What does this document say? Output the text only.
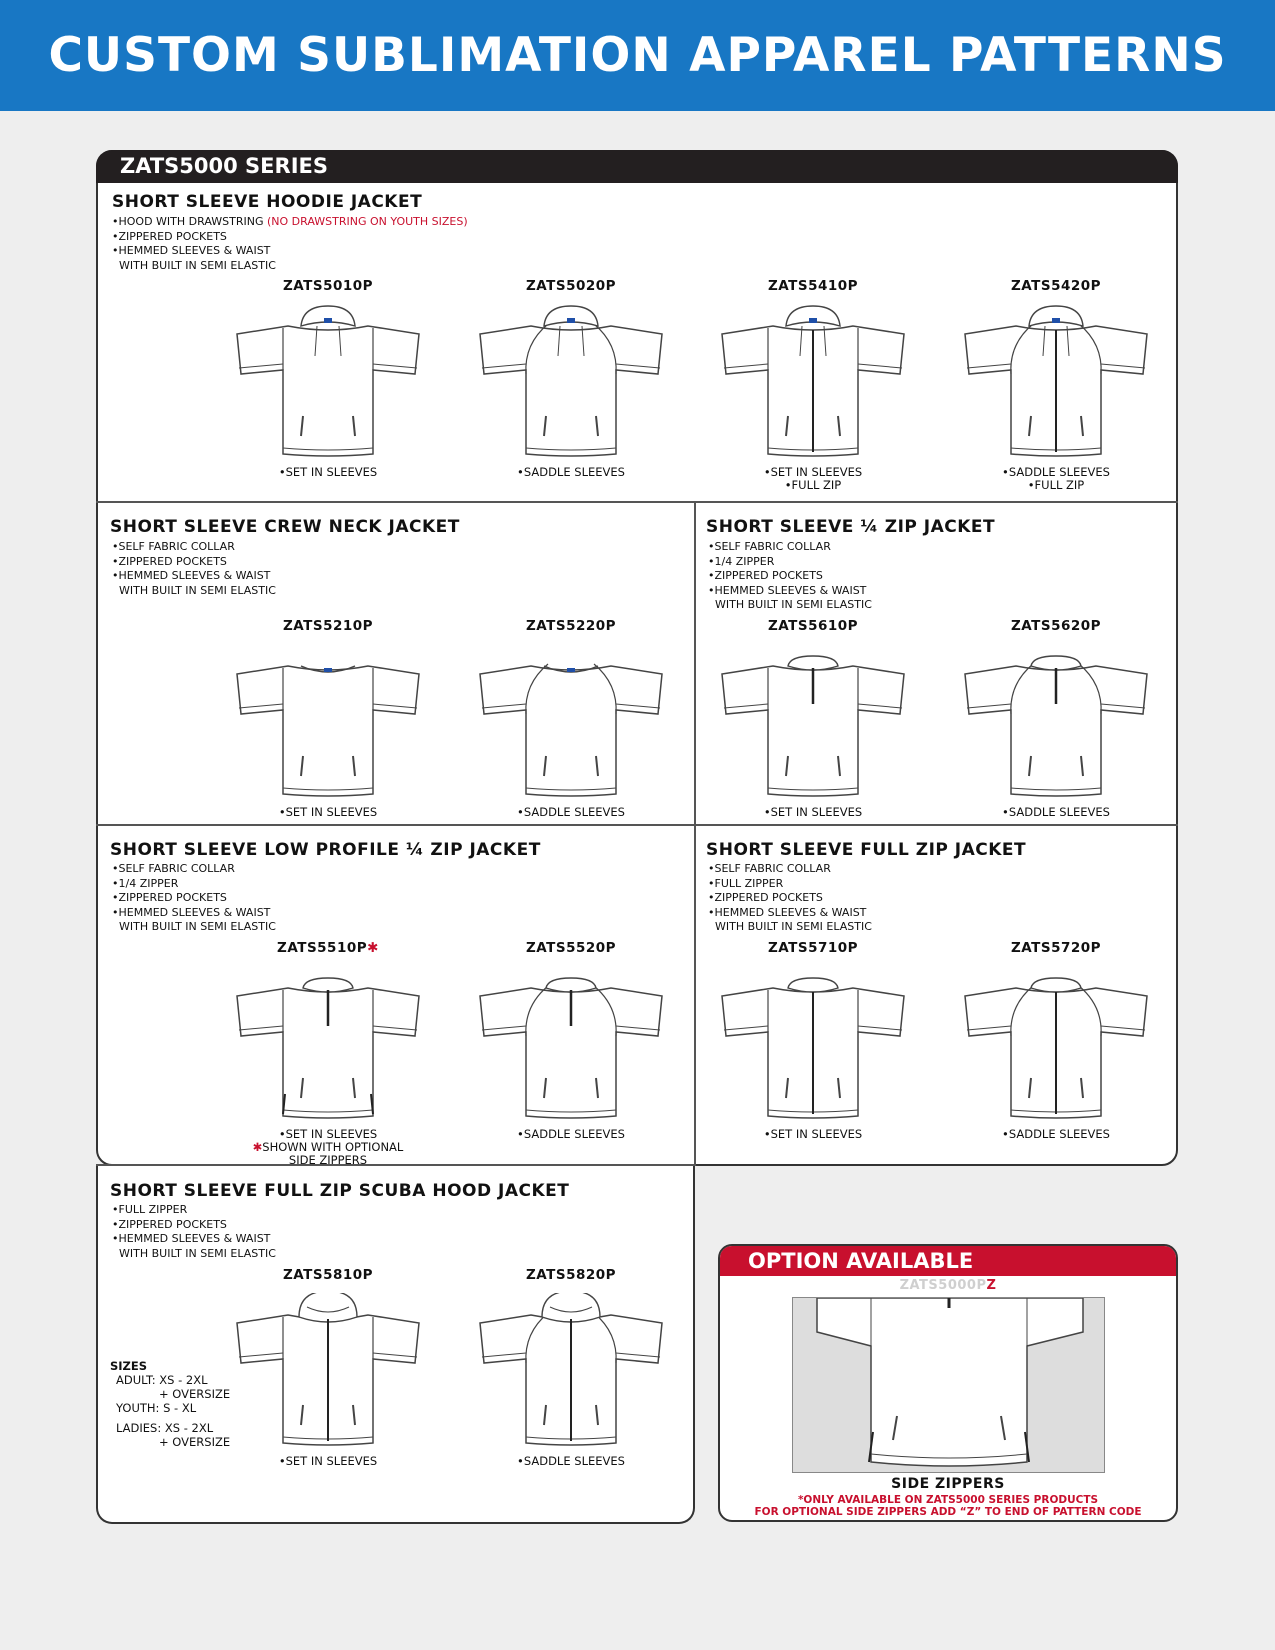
CUSTOM SUBLIMATION APPAREL PATTERNS
ZATS5000 SERIES
SHORT SLEEVE HOODIE JACKET
• HOOD WITH DRAWSTRING (NO DRAWSTRING ON YOUTH SIZES)
• ZIPPERED POCKETS
• HEMMED SLEEVES & WAIST
WITH BUILT IN SEMI ELASTIC
ZATS5010P
• SET IN SLEEVES
ZATS5020P
• SADDLE SLEEVES
ZATS5410P
• SET IN SLEEVES
• FULL ZIP
ZATS5420P
• SADDLE SLEEVES
• FULL ZIP
SHORT SLEEVE CREW NECK JACKET
• SELF FABRIC COLLAR
• ZIPPERED POCKETS
• HEMMED SLEEVES & WAIST
WITH BUILT IN SEMI ELASTIC
ZATS5210P
• SET IN SLEEVES
ZATS5220P
• SADDLE SLEEVES
SHORT SLEEVE ¼ ZIP JACKET
• SELF FABRIC COLLAR
• 1/4 ZIPPER
• ZIPPERED POCKETS
• HEMMED SLEEVES & WAIST
WITH BUILT IN SEMI ELASTIC
ZATS5610P
• SET IN SLEEVES
ZATS5620P
• SADDLE SLEEVES
SHORT SLEEVE LOW PROFILE ¼ ZIP JACKET
• SELF FABRIC COLLAR
• 1/4 ZIPPER
• ZIPPERED POCKETS
• HEMMED SLEEVES & WAIST
WITH BUILT IN SEMI ELASTIC
ZATS5510P✱
• SET IN SLEEVES
✱SHOWN WITH OPTIONAL
SIDE ZIPPERS
ZATS5520P
• SADDLE SLEEVES
SHORT SLEEVE FULL ZIP JACKET
• SELF FABRIC COLLAR
• FULL ZIPPER
• ZIPPERED POCKETS
• HEMMED SLEEVES & WAIST
WITH BUILT IN SEMI ELASTIC
ZATS5710P
• SET IN SLEEVES
ZATS5720P
• SADDLE SLEEVES
SHORT SLEEVE FULL ZIP SCUBA HOOD JACKET
• FULL ZIPPER
• ZIPPERED POCKETS
• HEMMED SLEEVES & WAIST
WITH BUILT IN SEMI ELASTIC
ZATS5810P
• SET IN SLEEVES
ZATS5820P
• SADDLE SLEEVES
SIZES
ADULT: XS - 2XL
+ OVERSIZE
YOUTH: S - XL
LADIES: XS - 2XL
+ OVERSIZE
OPTION AVAILABLE
ZATS5000PZ
SIDE ZIPPERS
*ONLY AVAILABLE ON ZATS5000 SERIES PRODUCTS
FOR OPTIONAL SIDE ZIPPERS ADD “Z” TO END OF PATTERN CODE
